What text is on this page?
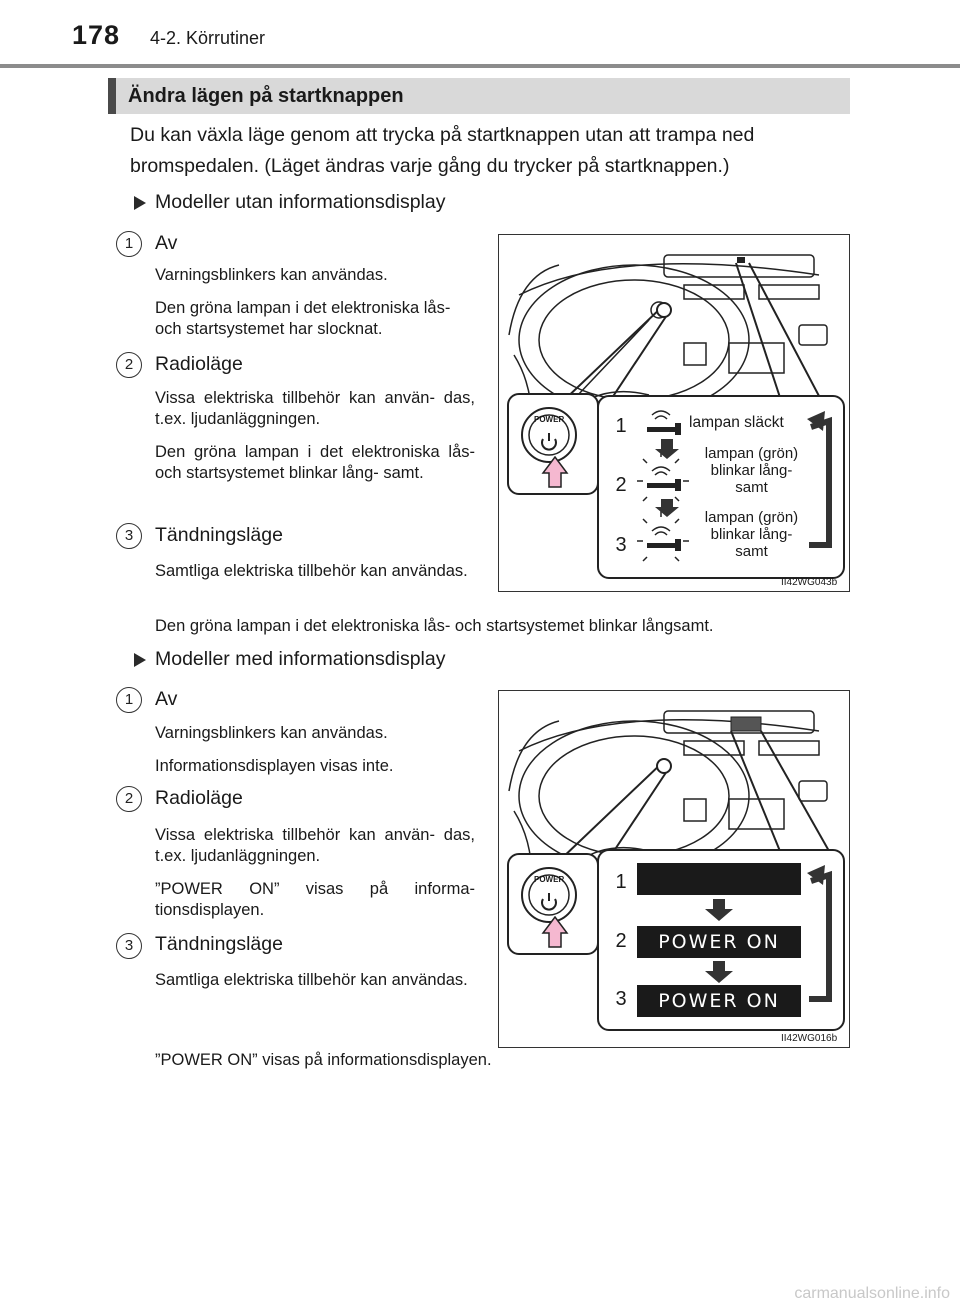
178 4-2. Körrutiner
Ändra lägen på startknappen
Du kan växla läge genom att trycka på startknappen utan att trampa ned bromspedalen. (Läget ändras varje gång du trycker på startknappen.)
Modeller utan informationsdisplay
1	Av
Varningsblinkers kan användas.
Den gröna lampan i det elektroniska lås- och startsystemet har slocknat.
2	Radioläge
Vissa elektriska tillbehör kan använ- das, t.ex. ljudanläggningen.
Den gröna lampan i det elektroniska lås- och startsystemet blinkar lång- samt.
3	Tändningsläge
Samtliga elektriska tillbehör kan användas.
Den gröna lampan i det elektroniska lås- och startsystemet blinkar långsamt.
POWER	1
2
3
lampan släckt
lampan (grön) blinkar lång- samt
lampan (grön) blinkar lång- samt
II42WG043b
Modeller med informationsdisplay
1	Av
Varningsblinkers kan användas.
Informationsdisplayen visas inte.
2	Radioläge
Vissa elektriska tillbehör kan använ- das, t.ex. ljudanläggningen.
”POWER ON” visas på informa- tionsdisplayen.
3	Tändningsläge
Samtliga elektriska tillbehör kan användas.
”POWER ON” visas på informationsdisplayen.
POWER	1
2
3
POWER ON
POWER ON
II42WG016b
carmanualsonline.info
